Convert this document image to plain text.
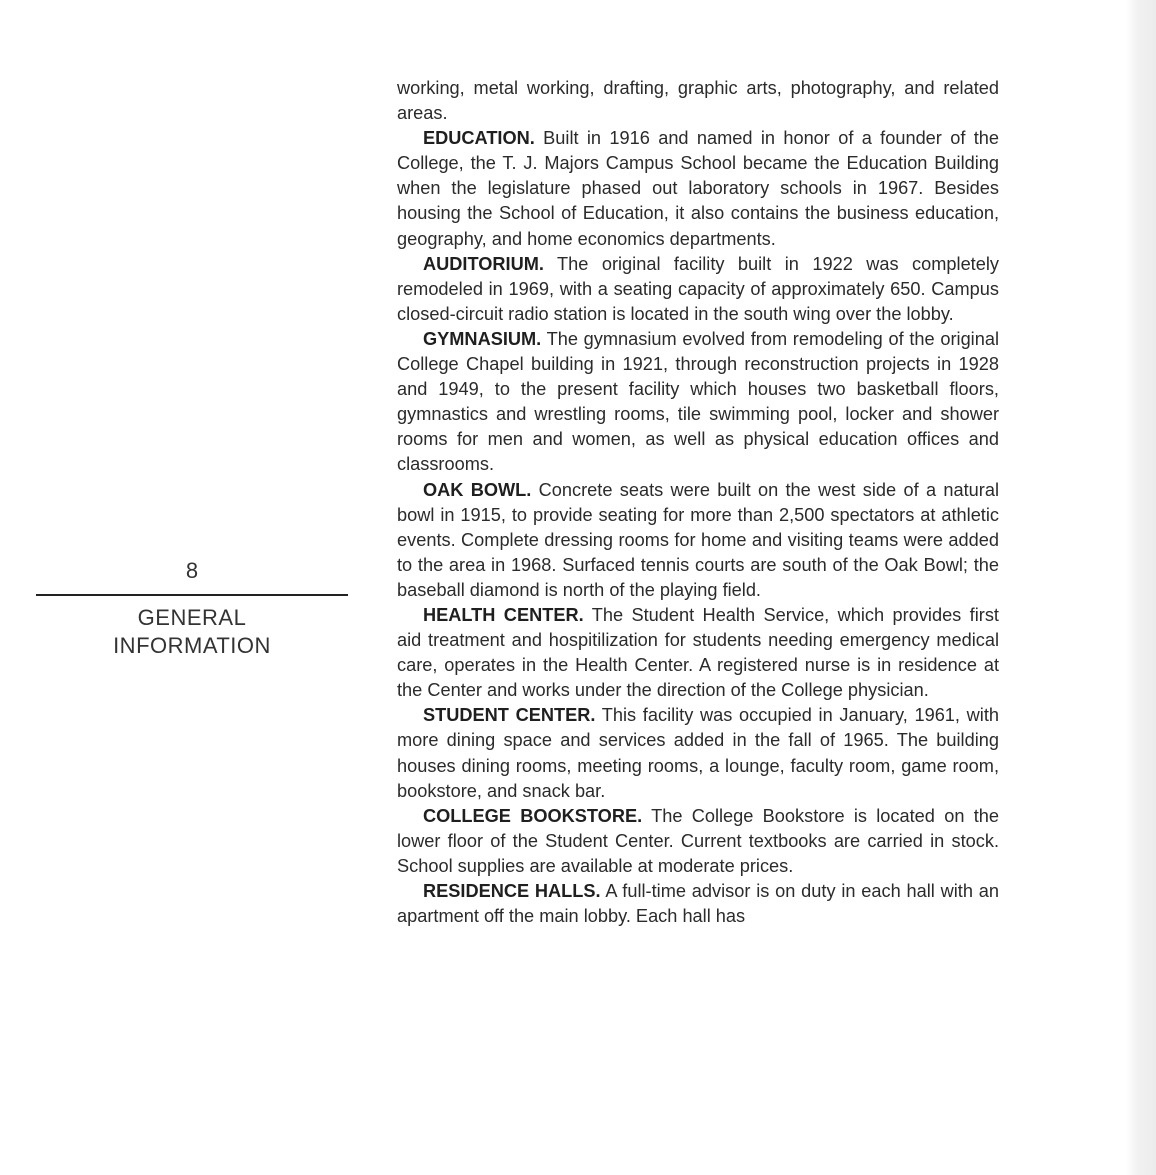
8
GENERAL
INFORMATION

working, metal working, drafting, graphic arts, photography, and related areas.

EDUCATION. Built in 1916 and named in honor of a founder of the College, the T. J. Majors Campus School became the Education Building when the legislature phased out laboratory schools in 1967. Besides housing the School of Education, it also contains the business education, geography, and home economics departments.

AUDITORIUM. The original facility built in 1922 was completely remodeled in 1969, with a seating capacity of approximately 650. Campus closed-circuit radio station is located in the south wing over the lobby.

GYMNASIUM. The gymnasium evolved from remodeling of the original College Chapel building in 1921, through reconstruction projects in 1928 and 1949, to the present facility which houses two basketball floors, gymnastics and wrestling rooms, tile swimming pool, locker and shower rooms for men and women, as well as physical education offices and classrooms.

OAK BOWL. Concrete seats were built on the west side of a natural bowl in 1915, to provide seating for more than 2,500 spectators at athletic events. Complete dressing rooms for home and visiting teams were added to the area in 1968. Surfaced tennis courts are south of the Oak Bowl; the baseball diamond is north of the playing field.

HEALTH CENTER. The Student Health Service, which provides first aid treatment and hospitilization for students needing emergency medical care, operates in the Health Center. A registered nurse is in residence at the Center and works under the direction of the College physician.

STUDENT CENTER. This facility was occupied in January, 1961, with more dining space and services added in the fall of 1965. The building houses dining rooms, meeting rooms, a lounge, faculty room, game room, bookstore, and snack bar.

COLLEGE BOOKSTORE. The College Bookstore is located on the lower floor of the Student Center. Current textbooks are carried in stock. School supplies are available at moderate prices.

RESIDENCE HALLS. A full-time advisor is on duty in each hall with an apartment off the main lobby. Each hall has
